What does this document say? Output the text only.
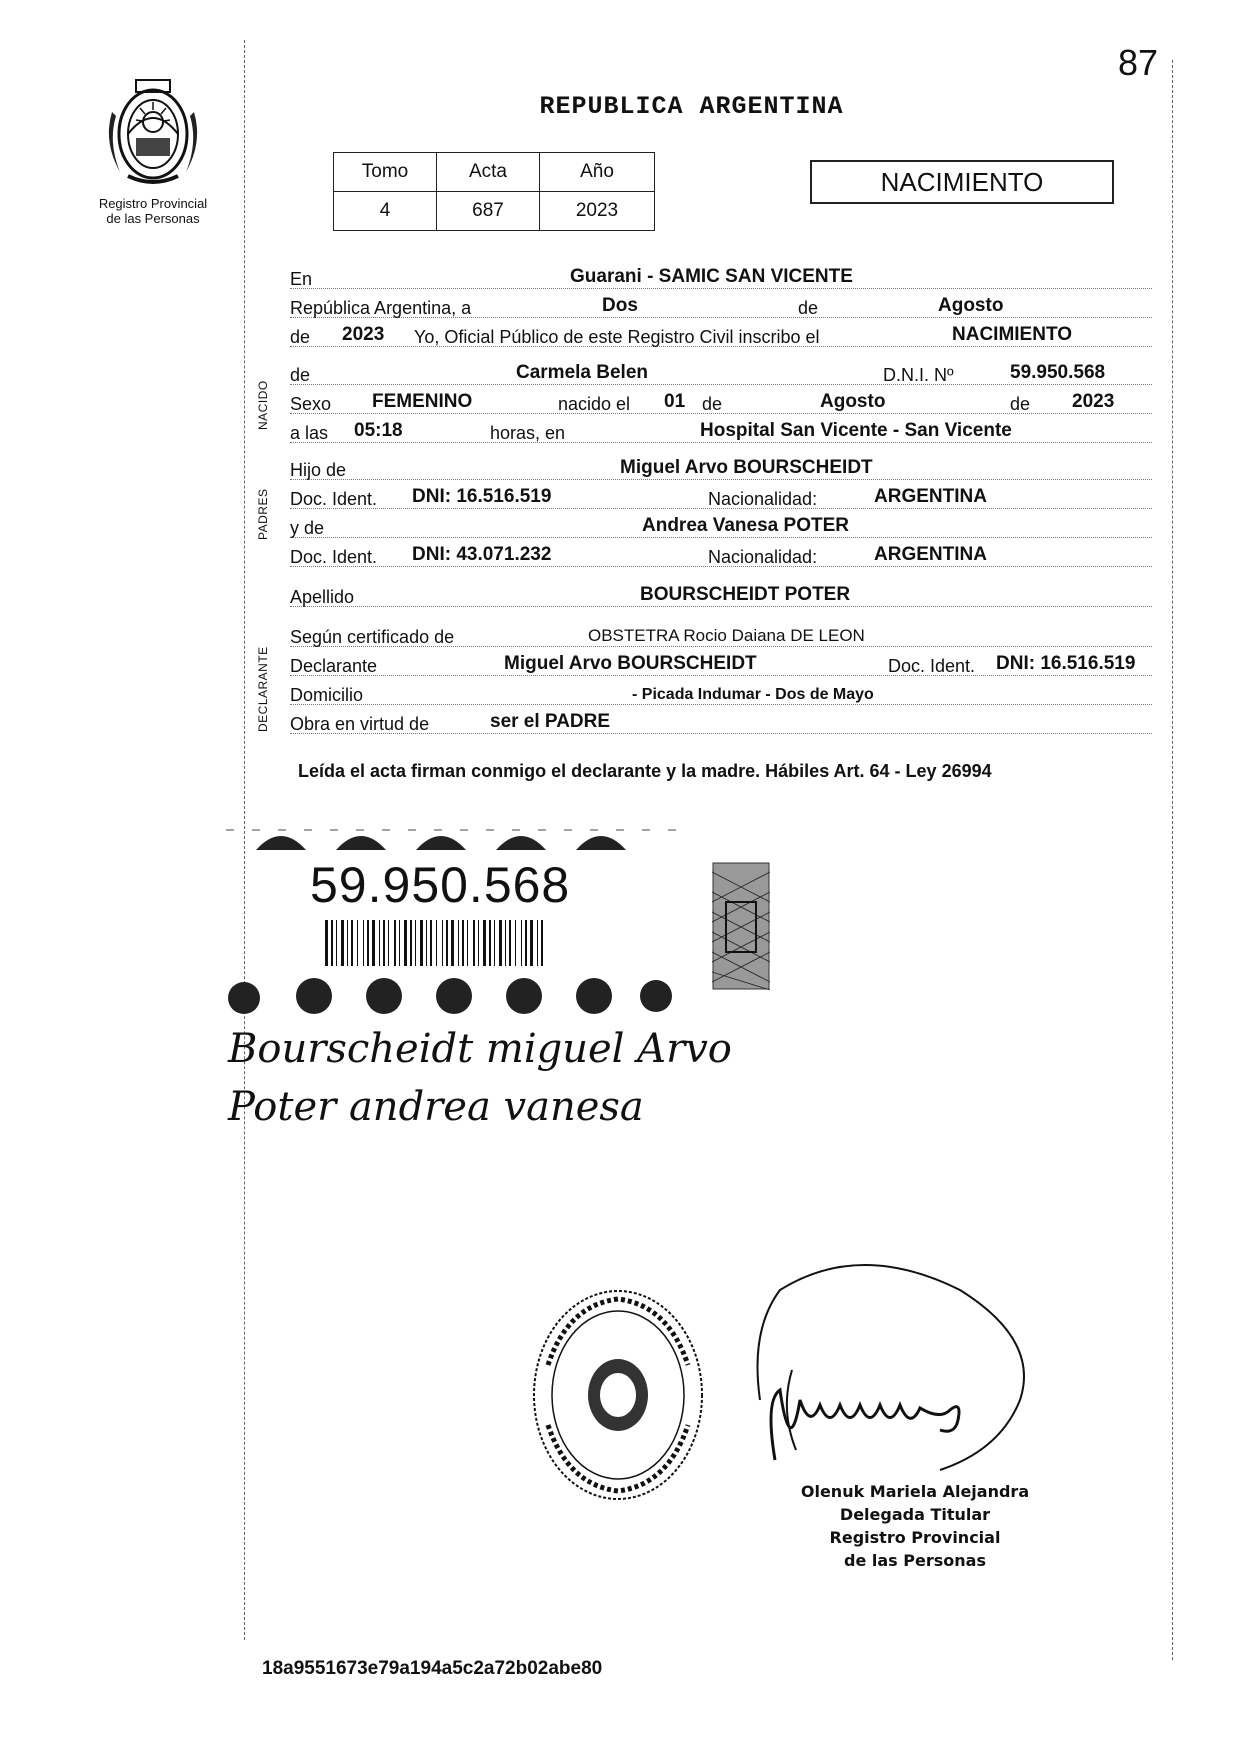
87
Registro Provincial
de las Personas
REPUBLICA ARGENTINA
Tomo	Acta	Año
4	687	2023
NACIMIENTO
NACIDO
PADRES
DECLARANTE
En	Guarani - SAMIC SAN VICENTE
República Argentina, a	Dos	de	Agosto
de 2023 Yo, Oficial Público de este Registro Civil inscribo el	NACIMIENTO
de	Carmela Belen	D.N.I. Nº	59.950.568
Sexo FEMENINO	nacido el 01 de	Agosto	de 2023
a las 05:18	horas, en	Hospital San Vicente - San Vicente
Hijo de	Miguel Arvo BOURSCHEIDT
Doc. Ident. DNI: 16.516.519	Nacionalidad:	ARGENTINA
y de	Andrea Vanesa POTER
Doc. Ident. DNI: 43.071.232	Nacionalidad:	ARGENTINA
Apellido	BOURSCHEIDT POTER
Según certificado de	OBSTETRA Rocio Daiana DE LEON
Declarante	Miguel Arvo BOURSCHEIDT	Doc. Ident. DNI: 16.516.519
Domicilio	- Picada Indumar - Dos de Mayo
Obra en virtud de	ser el PADRE
Leída el acta firman conmigo el declarante y la madre. Hábiles Art. 64 - Ley 26994
59.950.568
Bourscheidt miguel Arvo
Poter andrea vanesa
Olenuk Mariela Alejandra
Delegada Titular
Registro Provincial
de las Personas
18a9551673e79a194a5c2a72b02abe80
